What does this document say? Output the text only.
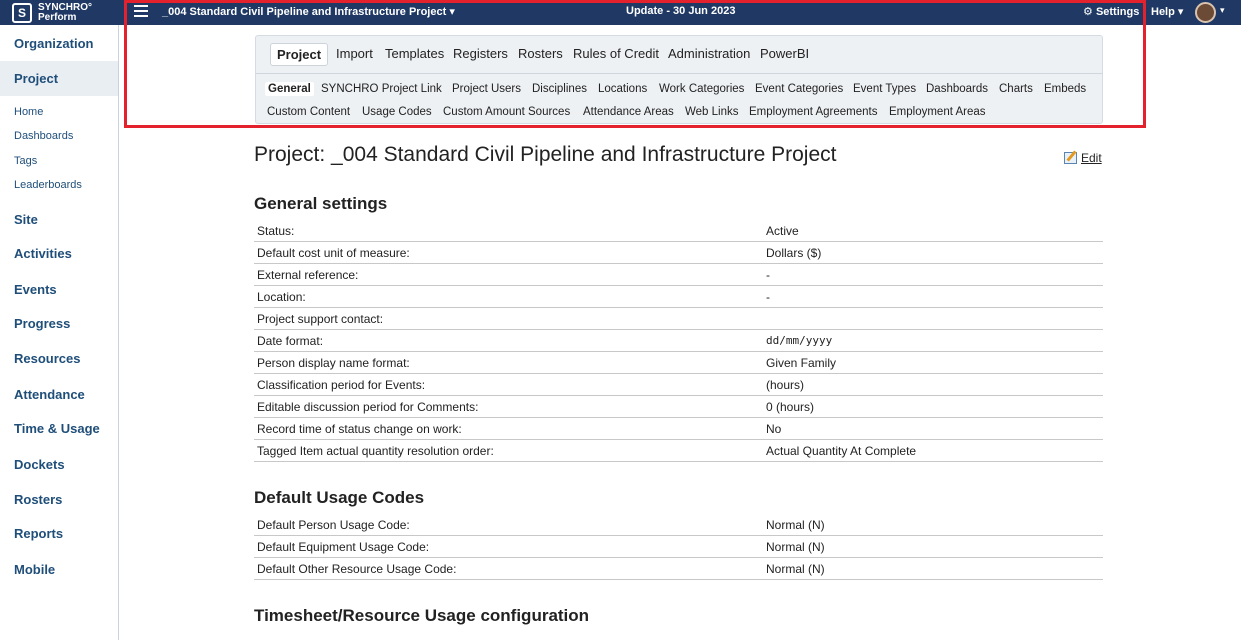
S	SYNCHRO°
Perform	_004 Standard Civil Pipeline and Infrastructure Project ▾	Update - 30 Jun 2023	⚙ Settings Help ▾	▾
Organization
Project
Home
Dashboards
Tags
Leaderboards
Site
Activities
Events
Progress
Resources
Attendance
Time & Usage
Dockets
Rosters
Reports
Mobile
Project	Import Templates Registers Rosters Rules of Credit Administration PowerBI
General SYNCHRO Project Link Project Users Disciplines Locations Work Categories Event Categories Event Types Dashboards Charts Embeds
Custom Content Usage Codes Custom Amount Sources Attendance Areas Web Links Employment Agreements Employment Areas
Project: _004 Standard Civil Pipeline and Infrastructure Project	Edit
General settings
Status:	Active
Default cost unit of measure:	Dollars ($)
External reference:	-
Location:	-
Project support contact:
Date format:	dd/mm/yyyy
Person display name format:	Given Family
Classification period for Events:	(hours)
Editable discussion period for Comments:	0 (hours)
Record time of status change on work:	No
Tagged Item actual quantity resolution order:	Actual Quantity At Complete
Default Usage Codes
Default Person Usage Code:	Normal (N)
Default Equipment Usage Code:	Normal (N)
Default Other Resource Usage Code:	Normal (N)
Timesheet/Resource Usage configuration
